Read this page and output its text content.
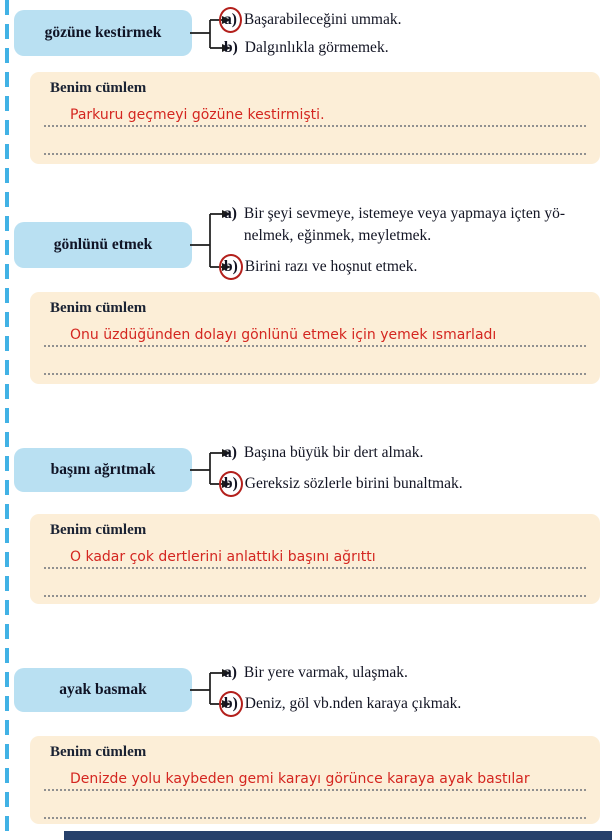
gözüne kestirmek
a) Başarabileceğini ummak.
b) Dalgınlıkla görmemek.
Benim cümlem
Parkuru geçmeyi gözüne kestirmişti.
gönlünü etmek
a) Bir şeyi sevmeye, istemeye veya yapmaya içten yö-
nelmek, eğinmek, meyletmek.
b) Birini razı ve hoşnut etmek.
Benim cümlem
Onu üzdüğünden dolayı gönlünü etmek için yemek ısmarladı
başını ağrıtmak
a) Başına büyük bir dert almak.
b) Gereksiz sözlerle birini bunaltmak.
Benim cümlem
O kadar çok dertlerini anlattıki başını ağrıttı
ayak basmak
a) Bir yere varmak, ulaşmak.
b) Deniz, göl vb.nden karaya çıkmak.
Benim cümlem
Denizde yolu kaybeden gemi karayı görünce karaya ayak bastılar
